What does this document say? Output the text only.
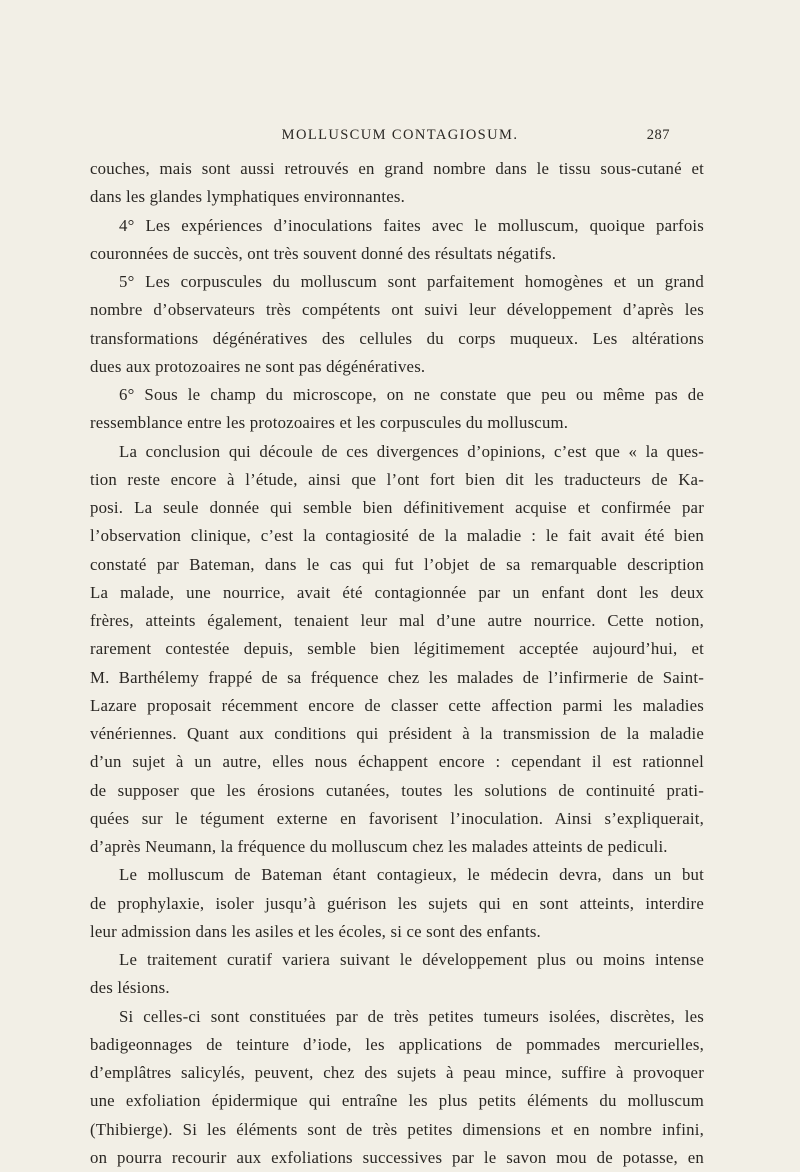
MOLLUSCUM CONTAGIOSUM.	287
couches, mais sont aussi retrouvés en grand nombre dans le tissu sous-cutané et
dans les glandes lymphatiques environnantes.
4° Les expériences d’inoculations faites avec le molluscum, quoique parfois
couronnées de succès, ont très souvent donné des résultats négatifs.
5° Les corpuscules du molluscum sont parfaitement homogènes et un grand
nombre d’observateurs très compétents ont suivi leur développement d’après les
transformations dégénératives des cellules du corps muqueux. Les altérations
dues aux protozoaires ne sont pas dégénératives.
6° Sous le champ du microscope, on ne constate que peu ou même pas de
ressemblance entre les protozoaires et les corpuscules du molluscum.
La conclusion qui découle de ces divergences d’opinions, c’est que « la ques-
tion reste encore à l’étude, ainsi que l’ont fort bien dit les traducteurs de Ka-
posi. La seule donnée qui semble bien définitivement acquise et confirmée par
l’observation clinique, c’est la contagiosité de la maladie : le fait avait été bien
constaté par Bateman, dans le cas qui fut l’objet de sa remarquable description
La malade, une nourrice, avait été contagionnée par un enfant dont les deux
frères, atteints également, tenaient leur mal d’une autre nourrice. Cette notion,
rarement contestée depuis, semble bien légitimement acceptée aujourd’hui, et
M. Barthélemy frappé de sa fréquence chez les malades de l’infirmerie de Saint-
Lazare proposait récemment encore de classer cette affection parmi les maladies
vénériennes. Quant aux conditions qui président à la transmission de la maladie
d’un sujet à un autre, elles nous échappent encore : cependant il est rationnel
de supposer que les érosions cutanées, toutes les solutions de continuité prati-
quées sur le tégument externe en favorisent l’inoculation. Ainsi s’expliquerait,
d’après Neumann, la fréquence du molluscum chez les malades atteints de pediculi.
Le molluscum de Bateman étant contagieux, le médecin devra, dans un but
de prophylaxie, isoler jusqu’à guérison les sujets qui en sont atteints, interdire
leur admission dans les asiles et les écoles, si ce sont des enfants.
Le traitement curatif variera suivant le développement plus ou moins intense
des lésions.
Si celles-ci sont constituées par de très petites tumeurs isolées, discrètes, les
badigeonnages de teinture d’iode, les applications de pommades mercurielles,
d’emplâtres salicylés, peuvent, chez des sujets à peau mince, suffire à provoquer
une exfoliation épidermique qui entraîne les plus petits éléments du molluscum
(Thibierge). Si les éléments sont de très petites dimensions et en nombre infini,
on pourra recourir aux exfoliations successives par le savon mou de potasse, en
